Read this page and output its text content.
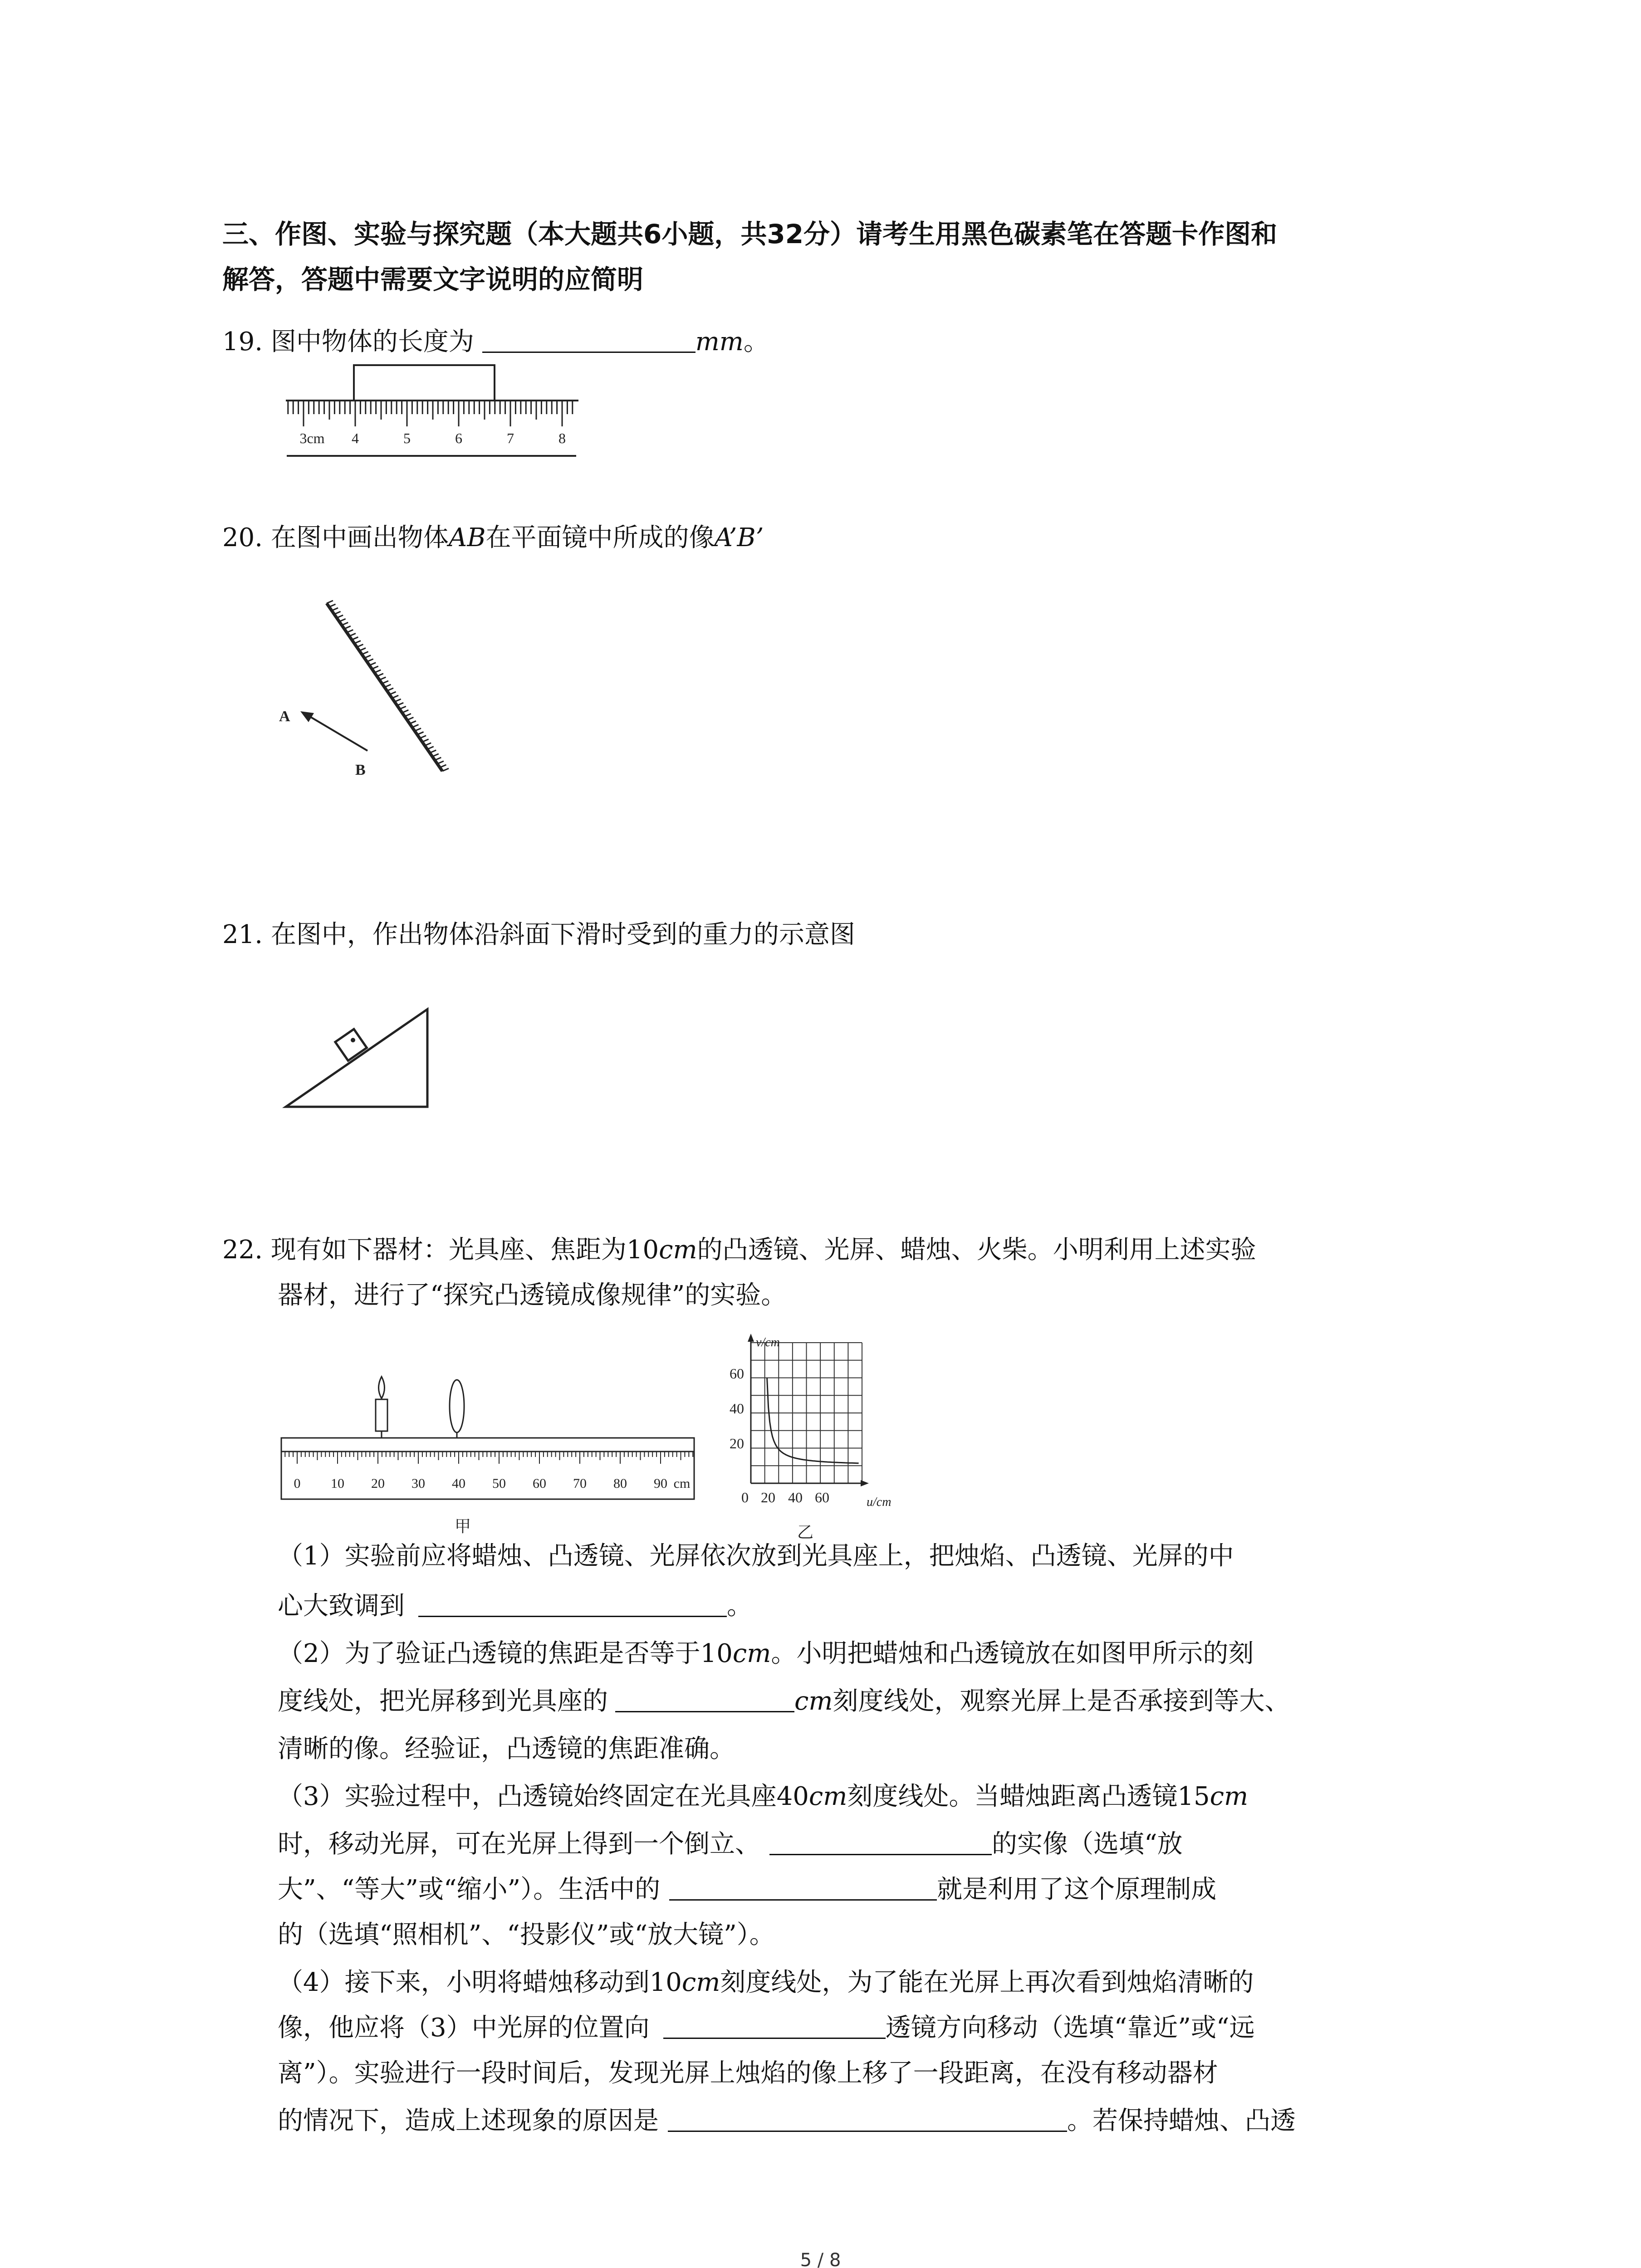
三、作图、实验与探究题（本大题共6小题，共32分）请考生用黑色碳素笔在答题卡作图和
解答，答题中需要文字说明的应简明
19. 图中物体的长度为	mm。
3cm 4	5	6	7	8
20. 在图中画出物体AB在平面镜中所成的像A’B’
A
B
21. 在图中，作出物体沿斜面下滑时受到的重力的示意图
22. 现有如下器材：光具座、焦距为10cm的凸透镜、光屏、蜡烛、火柴。小明利用上述实验
器材，进行了“探究凸透镜成像规律”的实验。
0 10 20 30 40 50 60 70 80 90 cm
甲
v/cm
u/cm
60
40
20
0 20 40 60
乙
（1）实验前应将蜡烛、凸透镜、光屏依次放到光具座上，把烛焰、凸透镜、光屏的中
心大致调到	。
（2）为了验证凸透镜的焦距是否等于10cm。小明把蜡烛和凸透镜放在如图甲所示的刻
度线处，把光屏移到光具座的	cm刻度线处，观察光屏上是否承接到等大、
清晰的像。经验证，凸透镜的焦距准确。
（3）实验过程中，凸透镜始终固定在光具座40cm刻度线处。当蜡烛距离凸透镜15cm
时，移动光屏，可在光屏上得到一个倒立、	的实像（选填“放
大”、“等大”或“缩小”）。生活中的	就是利用了这个原理制成
的（选填“照相机”、“投影仪”或“放大镜”）。
（4）接下来，小明将蜡烛移动到10cm刻度线处，为了能在光屏上再次看到烛焰清晰的
像，他应将（3）中光屏的位置向	透镜方向移动（选填“靠近”或“远
离”）。实验进行一段时间后，发现光屏上烛焰的像上移了一段距离，在没有移动器材
的情况下，造成上述现象的原因是	。若保持蜡烛、凸透
5 / 8
